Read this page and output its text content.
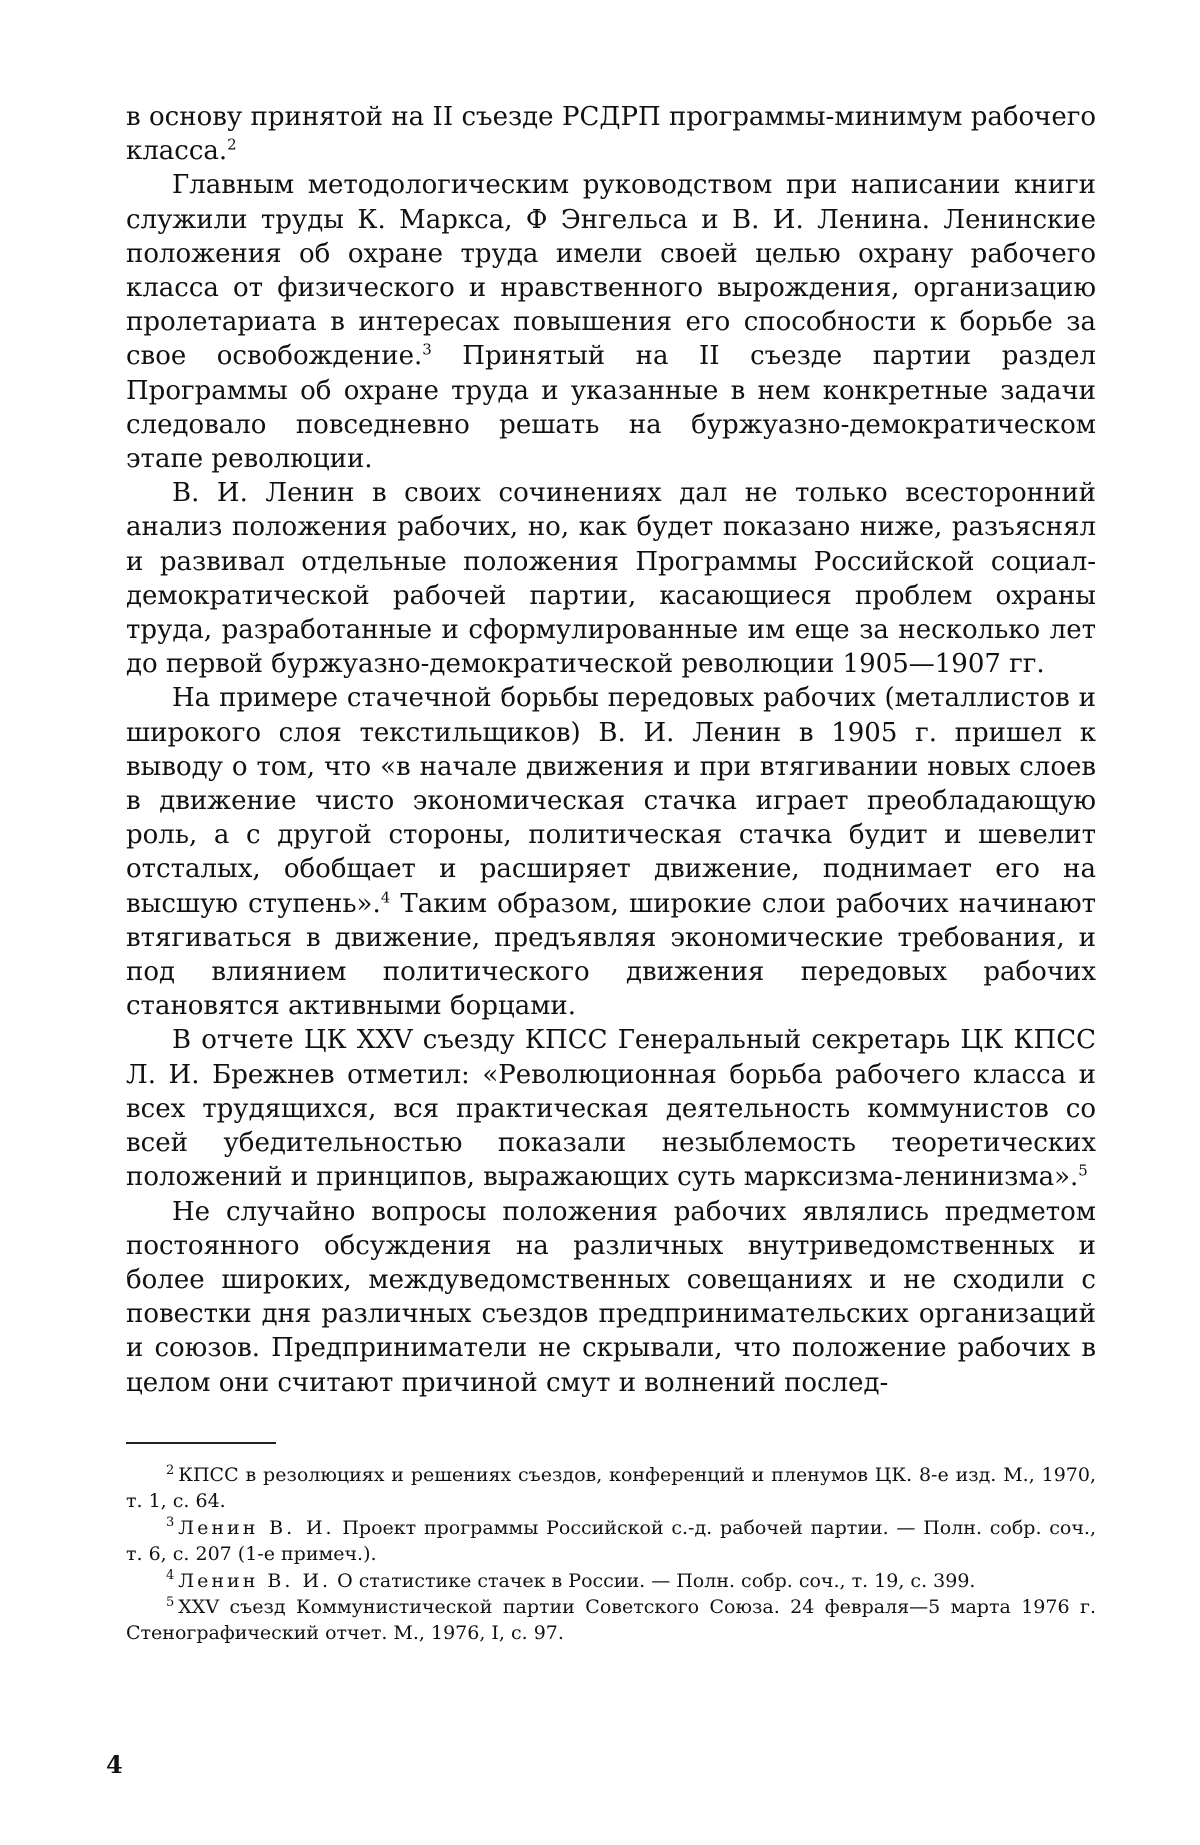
в основу принятой на II съезде РСДРП программы-минимум рабочего класса.$^2$

Главным методологическим руководством при написании книги служили труды К. Маркса, Ф Энгельса и В. И. Ленина. Ленинские положения об охране труда имели своей целью охрану рабочего класса от физического и нравственного вырождения, организацию пролетариата в интересах повышения его способности к борьбе за свое освобождение.$^3$ Принятый на II съезде партии раздел Программы об охране труда и указанные в нем конкретные задачи следовало повседневно решать на буржуазно-демократическом этапе революции.

В. И. Ленин в своих сочинениях дал не только всесторонний анализ положения рабочих, но, как будет показано ниже, разъяснял и развивал отдельные положения Программы Российской социал-демократической рабочей партии, касающиеся проблем охраны труда, разработанные и сформулированные им еще за несколько лет до первой буржуазно-демократической революции 1905—1907 гг.

На примере стачечной борьбы передовых рабочих (металлистов и широкого слоя текстильщиков) В. И. Ленин в 1905 г. пришел к выводу о том, что «в начале движения и при втягивании новых слоев в движение чисто экономическая стачка играет преобладающую роль, а с другой стороны, политическая стачка будит и шевелит отсталых, обобщает и расширяет движение, поднимает его на высшую ступень».$^4$ Таким образом, широкие слои рабочих начинают втягиваться в движение, предъявляя экономические требования, и под влиянием политического движения передовых рабочих становятся активными борцами.

В отчете ЦК XXV съезду КПСС Генеральный секретарь ЦК КПСС Л. И. Брежнев отметил: «Революционная борьба рабочего класса и всех трудящихся, вся практическая деятельность коммунистов со всей убедительностью показали незыблемость теоретических положений и принципов, выражающих суть марксизма-ленинизма».$^5$

Не случайно вопросы положения рабочих являлись предметом постоянного обсуждения на различных внутриведомственных и более широких, междуведомственных совещаниях и не сходили с повестки дня различных съездов предпринимательских организаций и союзов. Предприниматели не скрывали, что положение рабочих в целом они считают причиной смут и волнений послед-

$^2$ КПСС в резолюциях и решениях съездов, конференций и пленумов ЦК. 8-е изд. М., 1970, т. 1, с. 64.

$^3$ Ленин В. И. Проект программы Российской с.-д. рабочей партии. — Полн. собр. соч., т. 6, с. 207 (1-е примеч.).

$^4$ Ленин В. И. О статистике стачек в России. — Полн. собр. соч., т. 19, с. 399.

$^5$ XXV съезд Коммунистической партии Советского Союза. 24 февраля—5 марта 1976 г. Стенографический отчет. М., 1976, I, с. 97.

4
